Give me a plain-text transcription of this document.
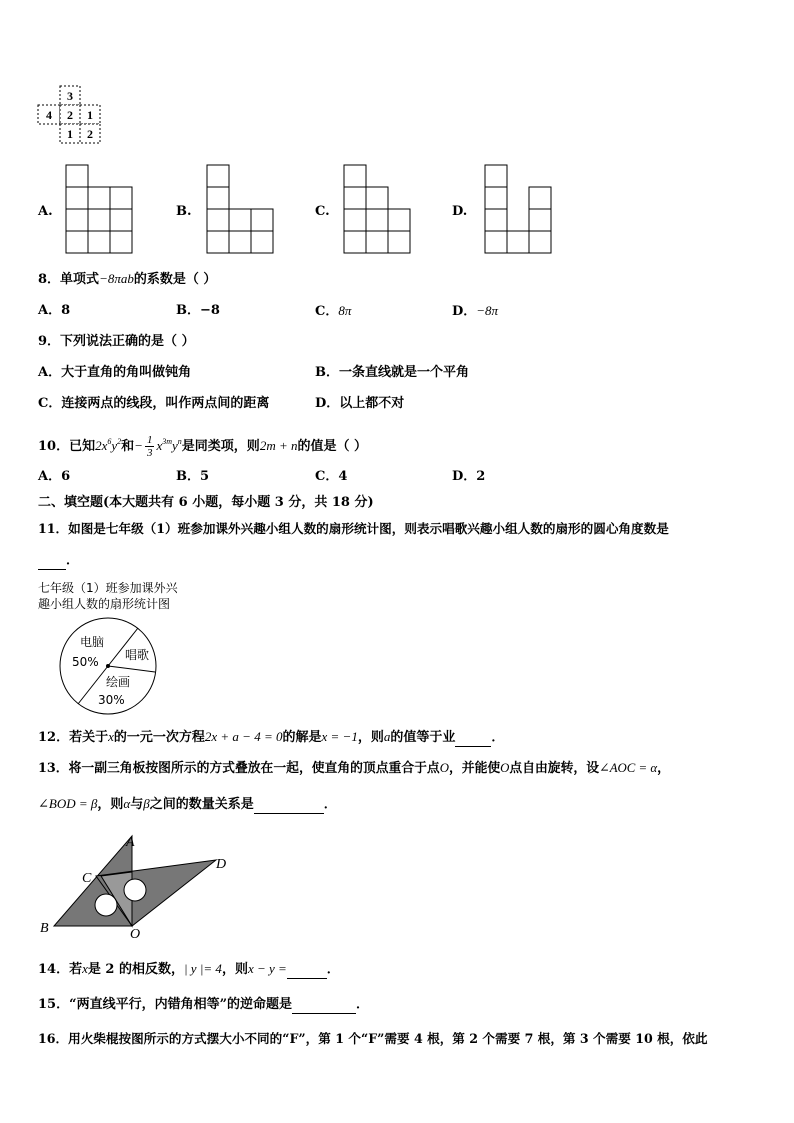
3
4 2 1
1 2
A.	B.	C.	D.
8．单项式−8πab的系数是（ ）
A．8	B．−8	C．8π	D．−8π
9．下列说法正确的是（ ）
A．大于直角的角叫做钝角	B．一条直线就是一个平角
C．连接两点的线段，叫作两点间的距离	D．以上都不对
10．已知$2x^6y^2$和− $\frac{1}{3} x^{3m}y^n$是同类项，则2m + n的值是（ ）
A．6	B．5	C．4	D．2
二、填空题(本大题共有 6 小题，每小题 3 分，共 18 分)
11．如图是七年级（1）班参加课外兴趣小组人数的扇形统计图，则表示唱歌兴趣小组人数的扇形的圆心角度数是
．
七年级（1）班参加课外兴
趣小组人数的扇形统计图
电脑
50% 唱歌
绘画
30%
12．若关于x的一元一次方程2x + a − 4 = 0的解是x = −1，则a的值等于业	．
13．将一副三角板按图所示的方式叠放在一起，使直角的顶点重合于点O，并能使O点自由旋转，设∠AOC = α，
∠BOD = β，则α与β之间的数量关系是	．
A
B
C
D
O
14．若x是 2 的相反数，| y |= 4，则x − y =	．
15．“两直线平行，内错角相等”的逆命题是	．
16．用火柴棍按图所示的方式摆大小不同的“F”，第 1 个“F”需要 4 根，第 2 个需要 7 根，第 3 个需要 10 根，依此
